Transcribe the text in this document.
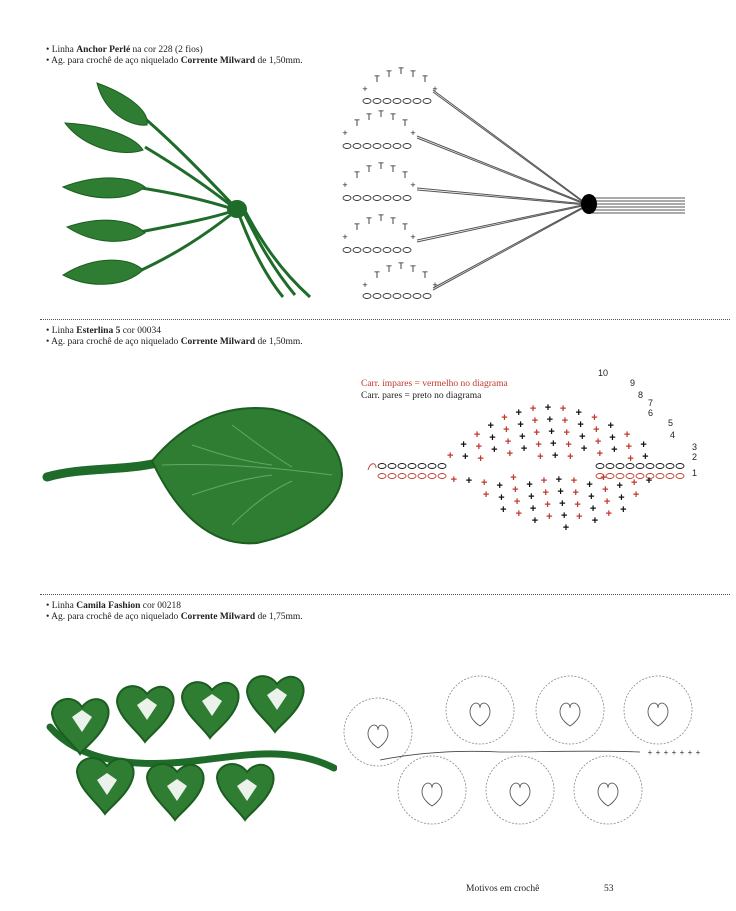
• Linha Anchor Perlé na cor 228 (2 fios)
• Ag. para crochê de aço niquelado Corrente Milward de 1,50mm.
+
T T T T T
+
+
T
T T T
T
+
+
T
T T T
T
+
+
T
T T T
T
+
+
T
T T T
T
+
• Linha Esterlina 5 cor 00034
• Ag. para crochê de aço niquelado Corrente Milward de 1,50mm.
Carr. ímpares = vermelho no diagrama
Carr. pares = preto no diagrama
10
9
8
7
6
5
4
3
2
1
+
+
+
+
+
+
+
+
+
+
+
+
+
+
+
+
+
+
+
+
+
+
+
+
+
+
+
+
+
+
+
+
+
+
+
+
+
+
+
+
+
+
+
+
+
+
+
+
+
+
+
+
+
+
+
+
+
+
+
+
+
+
+
+
+
+
+
+
+
+
+
+
+
+
+
+
+
+
+
+
+
+
+
+
+
+
+
+
+
+
• Linha Camila Fashion cor 00218
• Ag. para crochê de aço niquelado Corrente Milward de 1,75mm.
+ + + + + + +
Motivos em crochê	53
